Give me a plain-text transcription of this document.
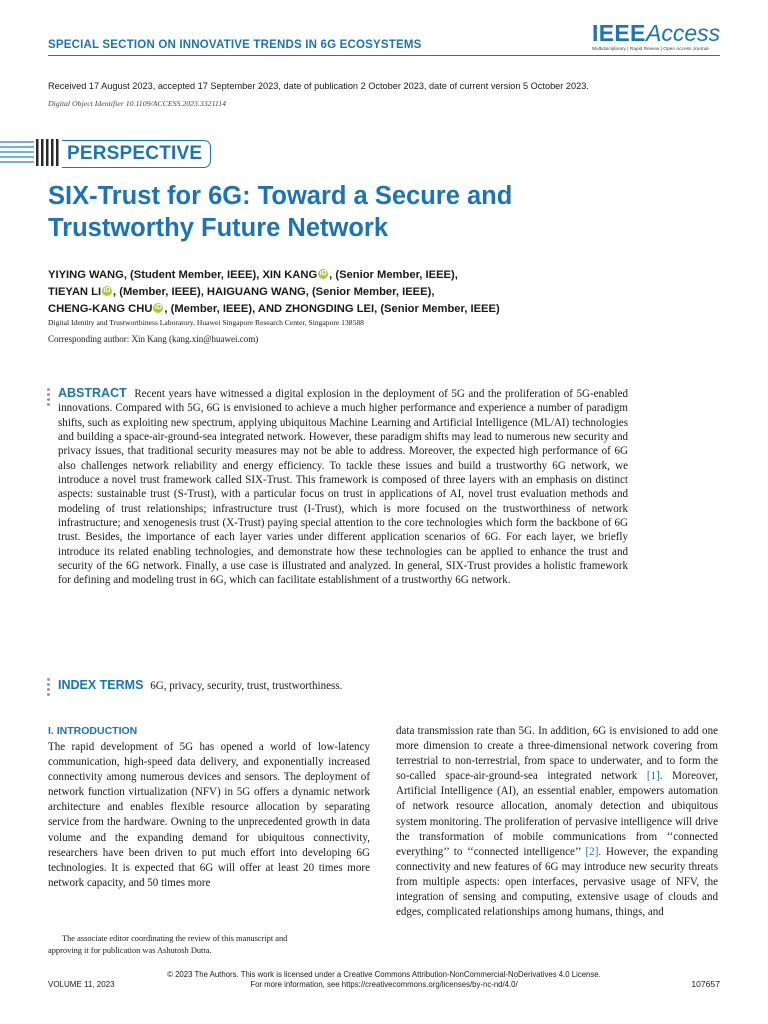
SPECIAL SECTION ON INNOVATIVE TRENDS IN 6G ECOSYSTEMS	IEEE Access
Multidisciplinary | Rapid Review | Open Access Journal
Received 17 August 2023, accepted 17 September 2023, date of publication 2 October 2023, date of current version 5 October 2023.
Digital Object Identifier 10.1109/ACCESS.2023.3321114
PERSPECTIVE
SIX-Trust for 6G: Toward a Secure and
Trustworthy Future Network
YIYING WANG, (Student Member, IEEE), XIN KANG iD , (Senior Member, IEEE),
TIEYAN LI iD , (Member, IEEE), HAIGUANG WANG, (Senior Member, IEEE),
CHENG-KANG CHU iD , (Member, IEEE), AND ZHONGDING LEI, (Senior Member, IEEE)
Digital Identity and Trustworthiness Laboratory, Huawei Singapore Research Center, Singapore 138588
Corresponding author: Xin Kang (kang.xin@huawei.com)
ABSTRACT Recent years have witnessed a digital explosion in the deployment of 5G and the proliferation of 5G-enabled innovations. Compared with 5G, 6G is envisioned to achieve a much higher performance and experience a number of paradigm shifts, such as exploiting new spectrum, applying ubiquitous Machine Learning and Artificial Intelligence (ML/AI) technologies and building a space-air-ground-sea integrated network. However, these paradigm shifts may lead to numerous new security and privacy issues, that traditional security measures may not be able to address. Moreover, the expected high performance of 6G also challenges network reliability and energy efficiency. To tackle these issues and build a trustworthy 6G network, we introduce a novel trust framework called SIX-Trust. This framework is composed of three layers with an emphasis on distinct aspects: sustainable trust (S-Trust), with a particular focus on trust in applications of AI, novel trust evaluation methods and modeling of trust relationships; infrastructure trust (I-Trust), which is more focused on the trustworthiness of network infrastructure; and xenogenesis trust (X-Trust) paying special attention to the core technologies which form the backbone of 6G trust. Besides, the importance of each layer varies under different application scenarios of 6G. For each layer, we briefly introduce its related enabling technologies, and demonstrate how these technologies can be applied to enhance the trust and security of the 6G network. Finally, a use case is illustrated and analyzed. In general, SIX-Trust provides a holistic framework for defining and modeling trust in 6G, which can facilitate establishment of a trustworthy 6G network.
INDEX TERMS 6G, privacy, security, trust, trustworthiness.
I. INTRODUCTION
The rapid development of 5G has opened a world of low-latency communication, high-speed data delivery, and exponentially increased connectivity among numerous devices and sensors. The deployment of network function virtualization (NFV) in 5G offers a dynamic network architecture and enables flexible resource allocation by separating service from the hardware. Owning to the unprecedented growth in data volume and the expanding demand for ubiquitous connectivity, researchers have been driven to put much effort into developing 6G technologies. It is expected that 6G will offer at least 20 times more network capacity, and 50 times more
The associate editor coordinating the review of this manuscript and
approving it for publication was Ashutosh Dutta.
data transmission rate than 5G. In addition, 6G is envisioned to add one more dimension to create a three-dimensional network covering from terrestrial to non-terrestrial, from space to underwater, and to form the so-called space-air-ground-sea integrated network [1]. Moreover, Artificial Intelligence (AI), an essential enabler, empowers automation of network resource allocation, anomaly detection and ubiquitous system monitoring. The proliferation of pervasive intelligence will drive the transformation of mobile communications from ‘‘connected everything’’ to ‘‘connected intelligence’’ [2]. However, the expanding connectivity and new features of 6G may introduce new security threats from multiple aspects: open interfaces, pervasive usage of NFV, the integration of sensing and computing, extensive usage of clouds and edges, complicated relationships among humans, things, and
© 2023 The Authors. This work is licensed under a Creative Commons Attribution-NonCommercial-NoDerivatives 4.0 License.
For more information, see https://creativecommons.org/licenses/by-nc-nd/4.0/
VOLUME 11, 2023	107657
